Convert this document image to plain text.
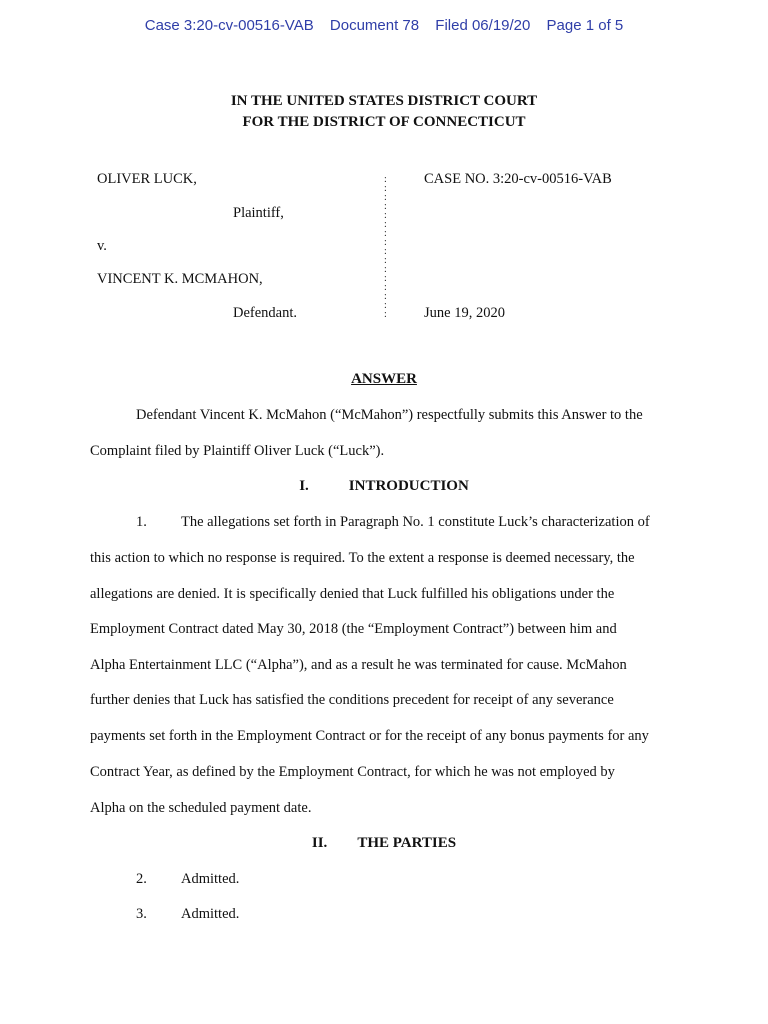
Case 3:20-cv-00516-VAB Document 78 Filed 06/19/20 Page 1 of 5
IN THE UNITED STATES DISTRICT COURT
FOR THE DISTRICT OF CONNECTICUT
OLIVER LUCK,
Plaintiff,
v.
VINCENT K. MCMAHON,
Defendant.
:
:
:
:
:
:
:
:
:
:
:
:
:
:
:
:
CASE NO. 3:20-cv-00516-VAB
June 19, 2020
ANSWER
Defendant Vincent K. McMahon (“McMahon”) respectfully submits this Answer to the
Complaint filed by Plaintiff Oliver Luck (“Luck”).
I.	INTRODUCTION
1. The allegations set forth in Paragraph No. 1 constitute Luck’s characterization of
this action to which no response is required. To the extent a response is deemed necessary, the
allegations are denied. It is specifically denied that Luck fulfilled his obligations under the
Employment Contract dated May 30, 2018 (the “Employment Contract”) between him and
Alpha Entertainment LLC (“Alpha”), and as a result he was terminated for cause. McMahon
further denies that Luck has satisfied the conditions precedent for receipt of any severance
payments set forth in the Employment Contract or for the receipt of any bonus payments for any
Contract Year, as defined by the Employment Contract, for which he was not employed by
Alpha on the scheduled payment date.
II. THE PARTIES
2. Admitted.
3. Admitted.
